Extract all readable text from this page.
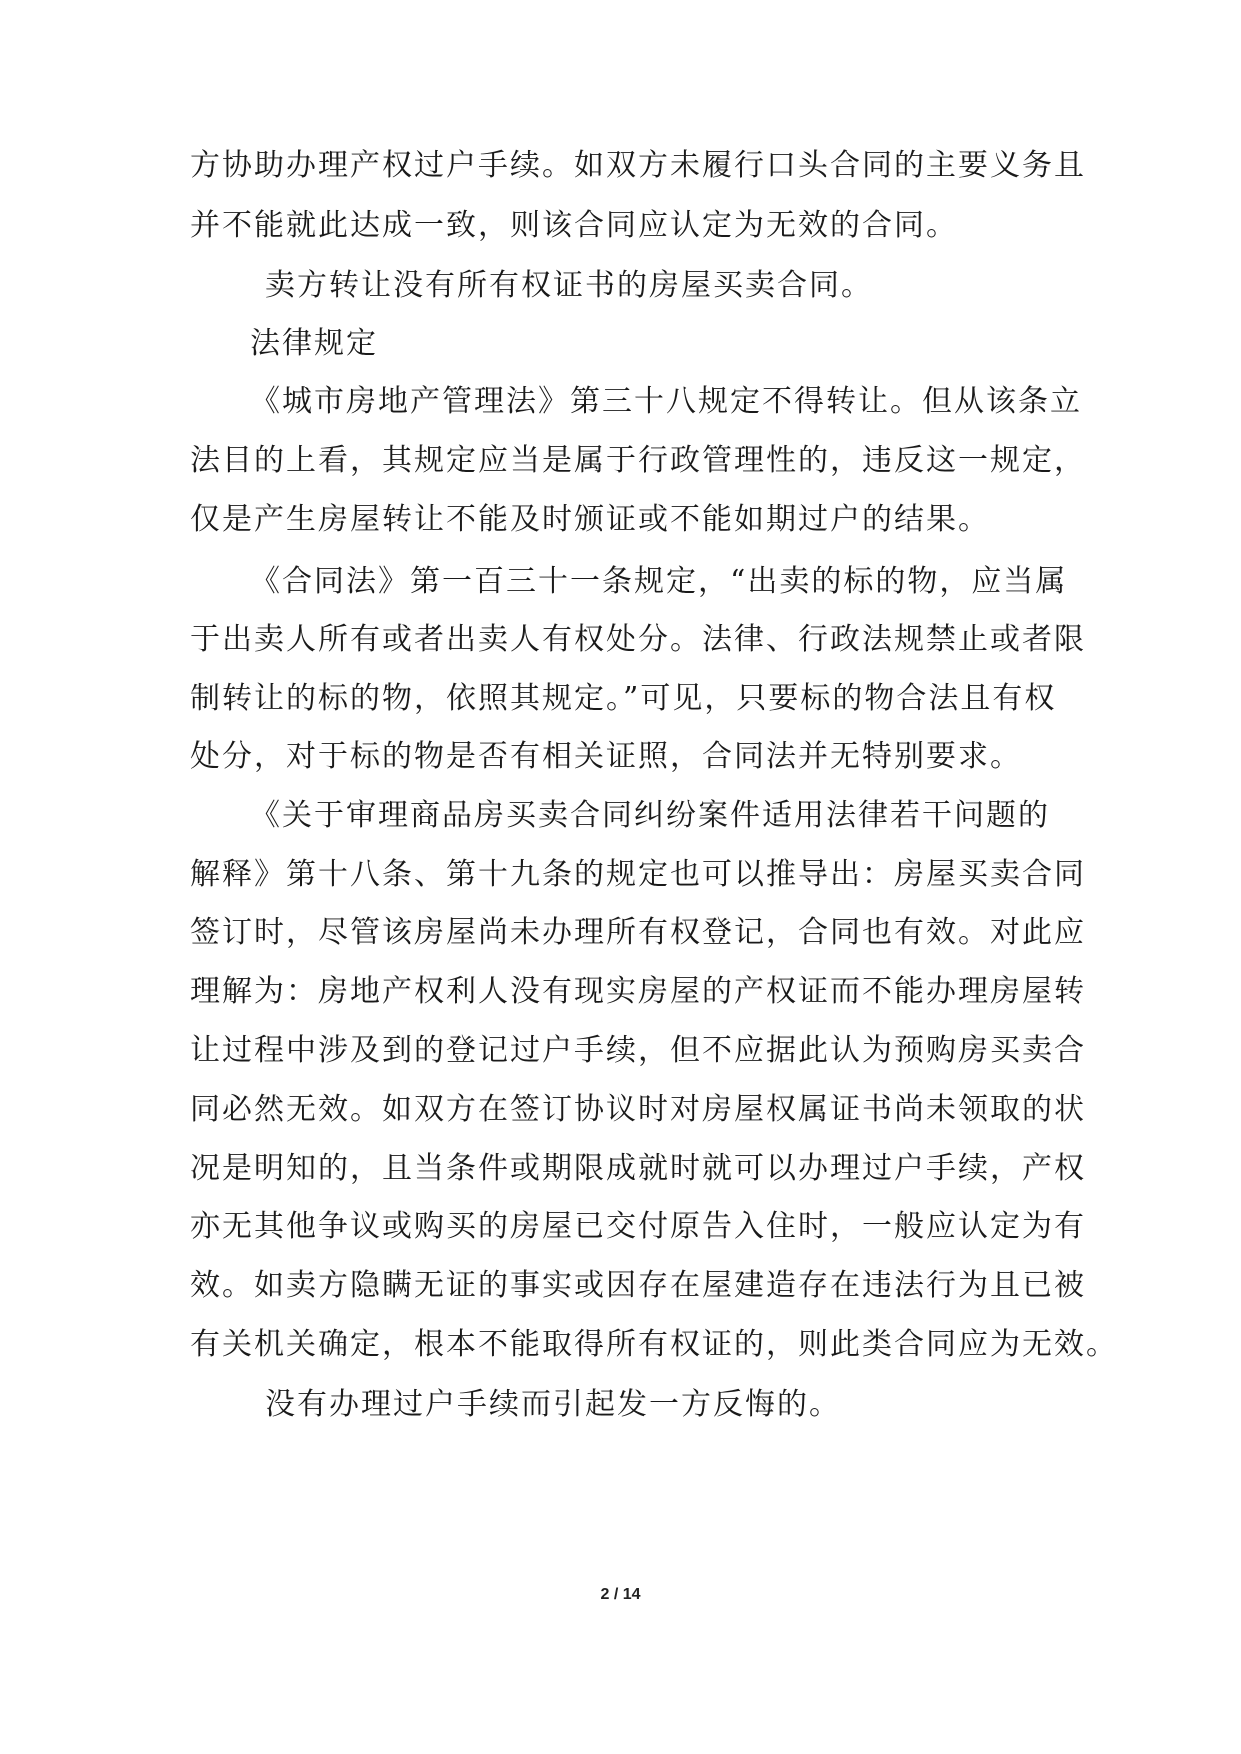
方协助办理产权过户手续。如双方未履行口头合同的主要义务且
并不能就此达成一致，则该合同应认定为无效的合同。
卖方转让没有所有权证书的房屋买卖合同。
法律规定
《城市房地产管理法》第三十八规定不得转让。但从该条立
法目的上看，其规定应当是属于行政管理性的，违反这一规定，
仅是产生房屋转让不能及时颁证或不能如期过户的结果。
《合同法》第一百三十一条规定，“出卖的标的物，应当属
于出卖人所有或者出卖人有权处分。法律、行政法规禁止或者限
制转让的标的物，依照其规定。”可见，只要标的物合法且有权
处分，对于标的物是否有相关证照，合同法并无特别要求。
《关于审理商品房买卖合同纠纷案件适用法律若干问题的
解释》第十八条、第十九条的规定也可以推导出：房屋买卖合同
签订时，尽管该房屋尚未办理所有权登记，合同也有效。对此应
理解为：房地产权利人没有现实房屋的产权证而不能办理房屋转
让过程中涉及到的登记过户手续，但不应据此认为预购房买卖合
同必然无效。如双方在签订协议时对房屋权属证书尚未领取的状
况是明知的，且当条件或期限成就时就可以办理过户手续，产权
亦无其他争议或购买的房屋已交付原告入住时，一般应认定为有
效。如卖方隐瞒无证的事实或因存在屋建造存在违法行为且已被
有关机关确定，根本不能取得所有权证的，则此类合同应为无效。
没有办理过户手续而引起发一方反悔的。
2 / 14
